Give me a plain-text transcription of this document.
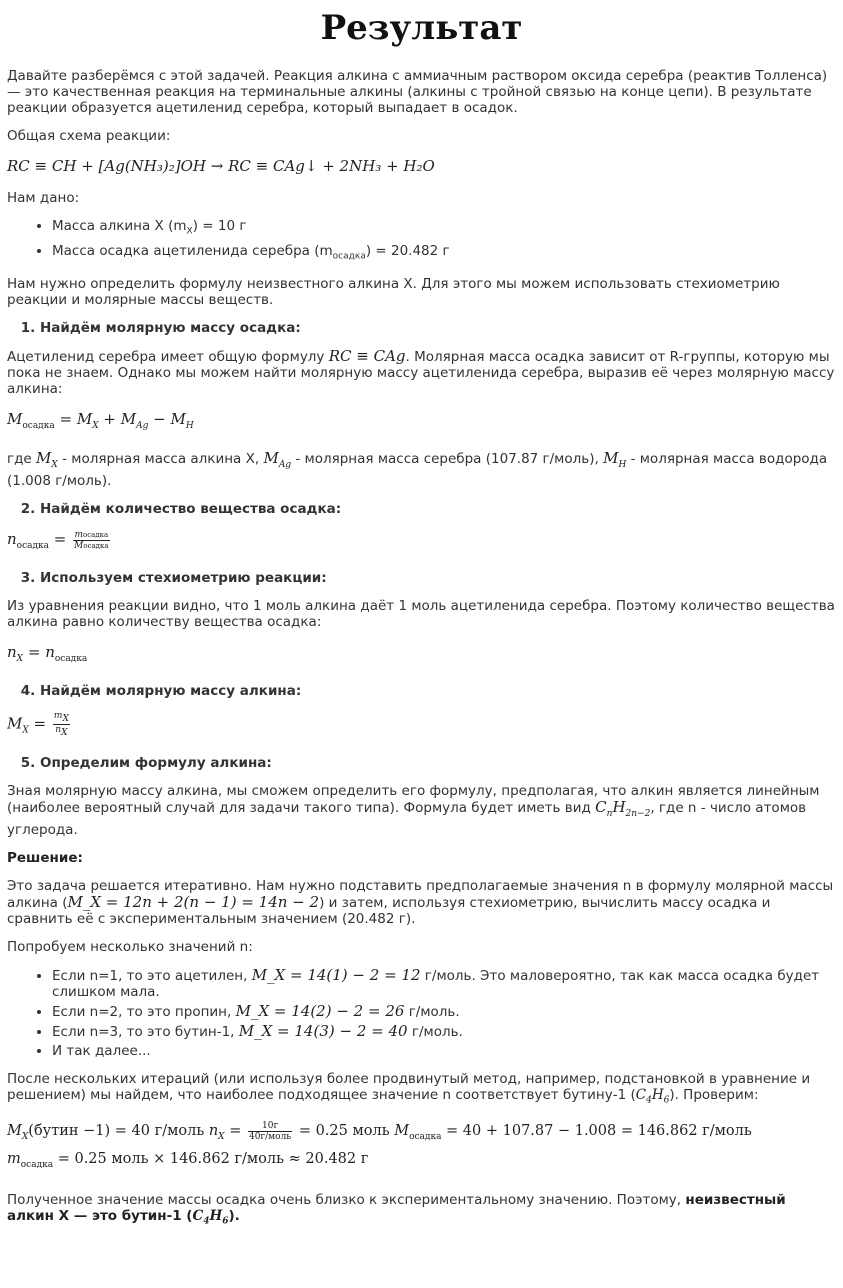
Результат

Давайте разберёмся с этой задачей. Реакция алкина с аммиачным раствором оксида серебра (реактив Толленса) — это качественная реакция на терминальные алкины (алкины с тройной связью на конце цепи). В результате реакции образуется ацетиленид серебра, который выпадает в осадок.

Общая схема реакции:

RC ≡ CH + [Ag(NH₃)₂]OH → RC ≡ CAg↓ + 2NH₃ + H₂O

Нам дано:

• Масса алкина X $(m_X) = 10$ г
• Масса осадка ацетиленида серебра $(m_{осадка}) = 20.482$ г

Нам нужно определить формулу неизвестного алкина X. Для этого мы можем использовать стехиометрию реакции и молярные массы веществ.

1. Найдём молярную массу осадка:

Ацетиленид серебра имеет общую формулу RC ≡ CAg. Молярная масса осадка зависит от R-группы, которую мы пока не знаем. Однако мы можем найти молярную массу ацетиленида серебра, выразив её через молярную массу алкина:

$M_{осадка} = M_X + M_{Ag} - M_H$

где $M_X$ - молярная масса алкина X, $M_{Ag}$ - молярная масса серебра (107.87 г/моль), $M_H$ - молярная масса водорода (1.008 г/моль).

2. Найдём количество вещества осадка:

$n_{осадка} = \frac{\text{mосадка}}{\text{Mосадка}}$

3. Используем стехиометрию реакции:

Из уравнения реакции видно, что 1 моль алкина даёт 1 моль ацетиленида серебра. Поэтому количество вещества алкина равно количеству вещества осадка:

$n_X = n_{осадка}$

4. Найдём молярную массу алкина:

$M_X = \frac{m_X}{n_X}$

5. Определим формулу алкина:

Зная молярную массу алкина, мы сможем определить его формулу, предполагая, что алкин является линейным (наиболее вероятный случай для задачи такого типа). Формула будет иметь вид $C_nH_{2n-2}$, где n - число атомов углерода.

Решение:

Это задача решается итеративно. Нам нужно подставить предполагаемые значения n в формулу молярной массы алкина (M_X = 12n + 2(n − 1) = 14n − 2) и затем, используя стехиометрию, вычислить массу осадка и сравнить её с экспериментальным значением (20.482 г).

Попробуем несколько значений n:

• Если n=1, то это ацетилен, M_X = 14(1) − 2 = 12 г/моль. Это маловероятно, так как масса осадка будет слишком мала.
• Если n=2, то это пропин, M_X = 14(2) − 2 = 26 г/моль.
• Если n=3, то это бутин-1, M_X = 14(3) − 2 = 40 г/моль.
• И так далее...

После нескольких итераций (или используя более продвинутый метод, например, подстановкой в уравнение и решением) мы найдем, что наиболее подходящее значение n соответствует бутину-1 $(C_4H_6)$. Проверим:

$M_X(бутин -1) = 40$ г/моль $n_X = \frac{10г}{\text{40г/моль}} = 0.25$ моль $M_{осадка} = 40 + 107.87 - 1.008 = 146.862$ г/моль
$m_{осадка} = 0.25$ моль × 146.862 г/моль ≈ 20.482 г

Полученное значение массы осадка очень близко к экспериментальному значению. Поэтому, неизвестный алкин X — это бутин-1 $(C_4H_6)$.
